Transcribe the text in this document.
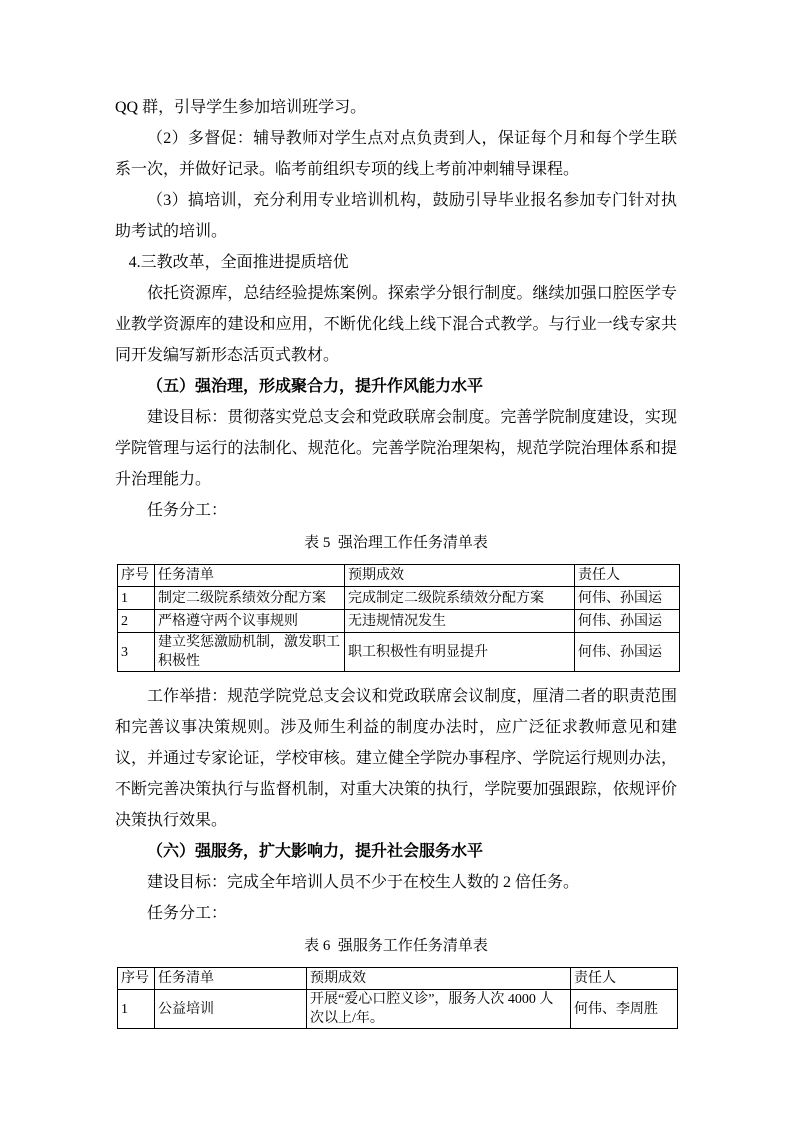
QQ 群，引导学生参加培训班学习。

（2）多督促：辅导教师对学生点对点负责到人，保证每个月和每个学生联系一次，并做好记录。临考前组织专项的线上考前冲刺辅导课程。

（3）搞培训，充分利用专业培训机构，鼓励引导毕业报名参加专门针对执助考试的培训。

4.三教改革，全面推进提质培优

依托资源库，总结经验提炼案例。探索学分银行制度。继续加强口腔医学专业教学资源库的建设和应用，不断优化线上线下混合式教学。与行业一线专家共同开发编写新形态活页式教材。

（五）强治理，形成聚合力，提升作风能力水平

建设目标：贯彻落实党总支会和党政联席会制度。完善学院制度建设，实现学院管理与运行的法制化、规范化。完善学院治理架构，规范学院治理体系和提升治理能力。

任务分工：

表 5  强治理工作任务清单表

序号	任务清单	预期成效	责任人
1	制定二级院系绩效分配方案	完成制定二级院系绩效分配方案	何伟、孙国运
2	严格遵守两个议事规则	无违规情况发生	何伟、孙国运
3	建立奖惩激励机制，激发职工积极性	职工积极性有明显提升	何伟、孙国运

工作举措：规范学院党总支会议和党政联席会议制度，厘清二者的职责范围和完善议事决策规则。涉及师生利益的制度办法时，应广泛征求教师意见和建议，并通过专家论证，学校审核。建立健全学院办事程序、学院运行规则办法，不断完善决策执行与监督机制，对重大决策的执行，学院要加强跟踪，依规评价决策执行效果。

（六）强服务，扩大影响力，提升社会服务水平

建设目标：完成全年培训人员不少于在校生人数的 2 倍任务。

任务分工：

表 6  强服务工作任务清单表

序号	任务清单	预期成效	责任人
1	公益培训	开展“爱心口腔义诊”，服务人次 4000 人次以上/年。	何伟、李周胜
